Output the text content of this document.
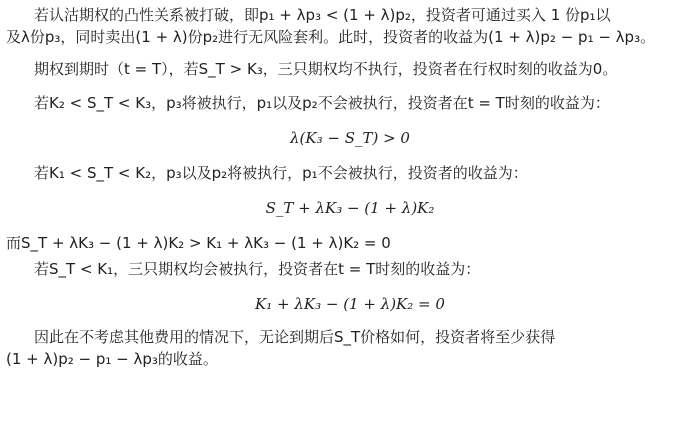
若认沽期权的凸性关系被打破，即p₁ + λp₃ < (1 + λ)p₂，投资者可通过买入 1 份p₁以
及λ份p₃，同时卖出(1 + λ)份p₂进行无风险套利。此时，投资者的收益为(1 + λ)p₂ − p₁ − λp₃。
期权到期时（t = T），若S_T > K₃，三只期权均不执行，投资者在行权时刻的收益为0。
若K₂ < S_T < K₃，p₃将被执行，p₁以及p₂不会被执行，投资者在t = T时刻的收益为：
λ(K₃ − S_T) > 0
若K₁ < S_T < K₂，p₃以及p₂将被执行，p₁不会被执行，投资者的收益为：
S_T + λK₃ − (1 + λ)K₂
而S_T + λK₃ − (1 + λ)K₂ > K₁ + λK₃ − (1 + λ)K₂ = 0
若S_T < K₁，三只期权均会被执行，投资者在t = T时刻的收益为：
K₁ + λK₃ − (1 + λ)K₂ = 0
因此在不考虑其他费用的情况下，无论到期后S_T价格如何，投资者将至少获得
(1 + λ)p₂ − p₁ − λp₃的收益。
